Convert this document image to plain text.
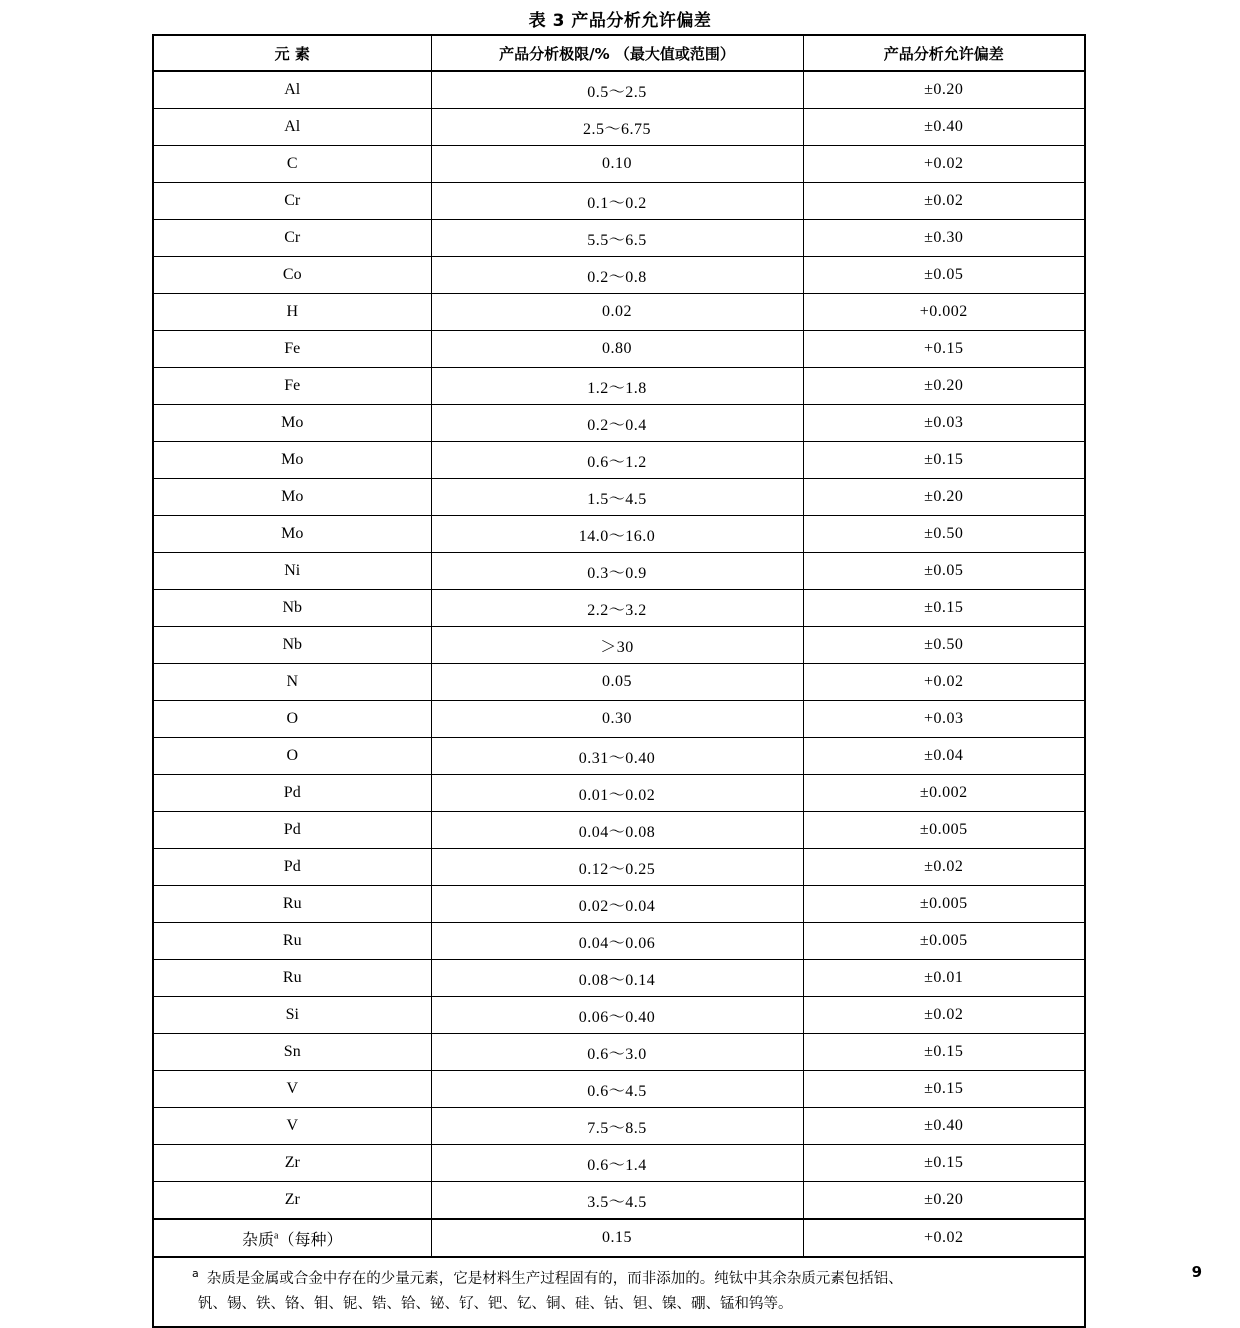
表 3 产品分析允许偏差
元 素	产品分析极限/% （最大值或范围）	产品分析允许偏差
Al	0.5～2.5	±0.20
Al	2.5～6.75	±0.40
C	0.10	+0.02
Cr	0.1～0.2	±0.02
Cr	5.5～6.5	±0.30
Co	0.2～0.8	±0.05
H	0.02	+0.002
Fe	0.80	+0.15
Fe	1.2～1.8	±0.20
Mo	0.2～0.4	±0.03
Mo	0.6～1.2	±0.15
Mo	1.5～4.5	±0.20
Mo	14.0～16.0	±0.50
Ni	0.3～0.9	±0.05
Nb	2.2～3.2	±0.15
Nb	＞30	±0.50
N	0.05	+0.02
O	0.30	+0.03
O	0.31～0.40	±0.04
Pd	0.01～0.02	±0.002
Pd	0.04～0.08	±0.005
Pd	0.12～0.25	±0.02
Ru	0.02～0.04	±0.005
Ru	0.04～0.06	±0.005
Ru	0.08～0.14	±0.01
Si	0.06～0.40	±0.02
Sn	0.6～3.0	±0.15
V	0.6～4.5	±0.15
V	7.5～8.5	±0.40
Zr	0.6～1.4	±0.15
Zr	3.5～4.5	±0.20
杂质$^a$（每种）	0.15	+0.02
$^a$ 杂质是金属或合金中存在的少量元素，它是材料生产过程固有的，而非添加的。纯钛中其余杂质元素包括铝、
钒、锡、铁、铬、钼、铌、锆、铪、铋、钌、钯、钇、铜、硅、钴、钽、镍、硼、锰和钨等。		
9
